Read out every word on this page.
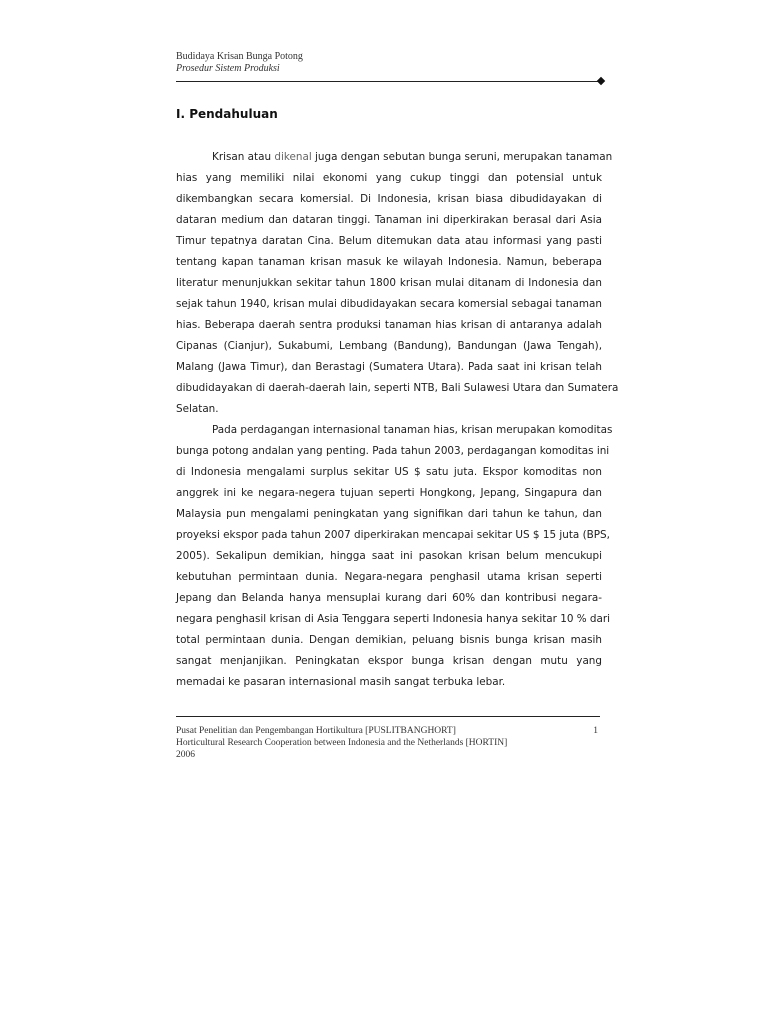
Budidaya Krisan Bunga Potong
Prosedur Sistem Produksi
I. Pendahuluan
Krisan atau dikenal juga dengan sebutan bunga seruni, merupakan tanaman
hias yang memiliki nilai ekonomi yang cukup tinggi dan potensial untuk
dikembangkan secara komersial. Di Indonesia, krisan biasa dibudidayakan di
dataran medium dan dataran tinggi. Tanaman ini diperkirakan berasal dari Asia
Timur tepatnya daratan Cina. Belum ditemukan data atau informasi yang pasti
tentang kapan tanaman krisan masuk ke wilayah Indonesia. Namun, beberapa
literatur menunjukkan sekitar tahun 1800 krisan mulai ditanam di Indonesia dan
sejak tahun 1940, krisan mulai dibudidayakan secara komersial sebagai tanaman
hias. Beberapa daerah sentra produksi tanaman hias krisan di antaranya adalah
Cipanas (Cianjur), Sukabumi, Lembang (Bandung), Bandungan (Jawa Tengah),
Malang (Jawa Timur), dan Berastagi (Sumatera Utara). Pada saat ini krisan telah
dibudidayakan di daerah-daerah lain, seperti NTB, Bali Sulawesi Utara dan Sumatera
Selatan.
Pada perdagangan internasional tanaman hias, krisan merupakan komoditas
bunga potong andalan yang penting. Pada tahun 2003, perdagangan komoditas ini
di Indonesia mengalami surplus sekitar US $ satu juta. Ekspor komoditas non
anggrek ini ke negara-negera tujuan seperti Hongkong, Jepang, Singapura dan
Malaysia pun mengalami peningkatan yang signifikan dari tahun ke tahun, dan
proyeksi ekspor pada tahun 2007 diperkirakan mencapai sekitar US $ 15 juta (BPS,
2005). Sekalipun demikian, hingga saat ini pasokan krisan belum mencukupi
kebutuhan permintaan dunia. Negara-negara penghasil utama krisan seperti
Jepang dan Belanda hanya mensuplai kurang dari 60% dan kontribusi negara-
negara penghasil krisan di Asia Tenggara seperti Indonesia hanya sekitar 10 % dari
total permintaan dunia. Dengan demikian, peluang bisnis bunga krisan masih
sangat menjanjikan. Peningkatan ekspor bunga krisan dengan mutu yang
memadai ke pasaran internasional masih sangat terbuka lebar.
Pusat Penelitian dan Pengembangan Hortikultura [PUSLITBANGHORT]
Horticultural Research Cooperation between Indonesia and the Netherlands [HORTIN]
2006
1
